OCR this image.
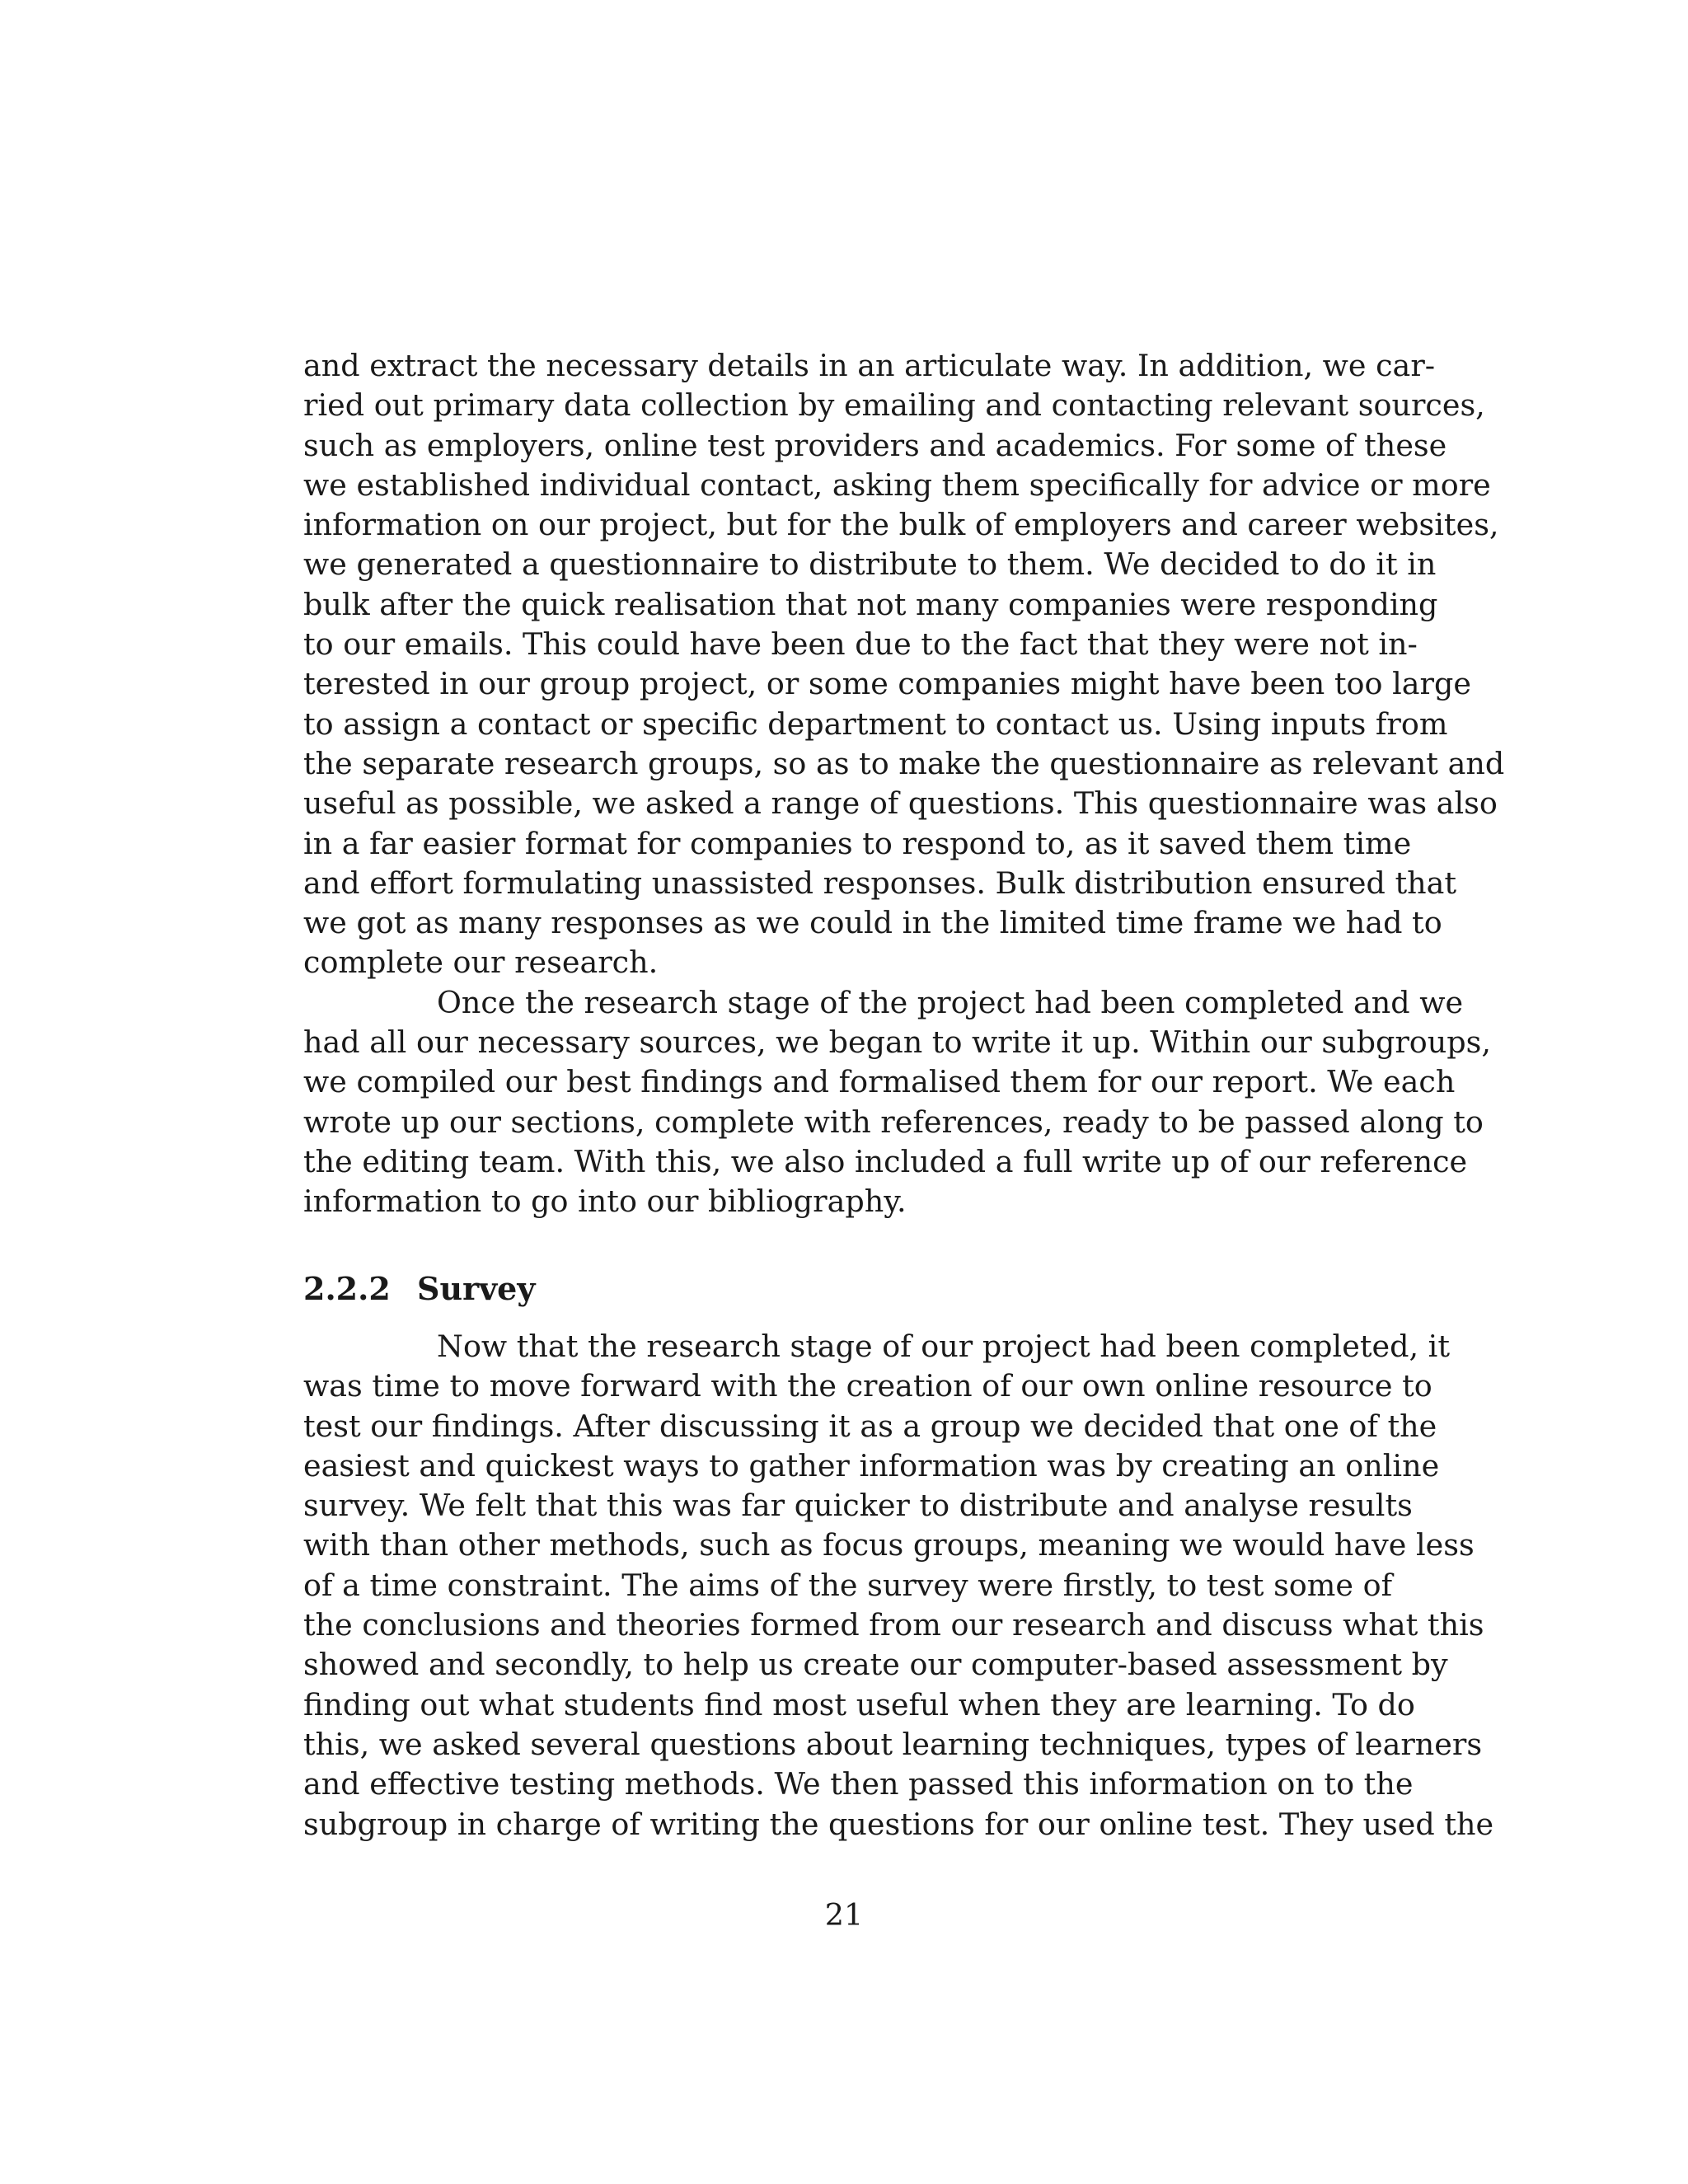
and extract the necessary details in an articulate way. In addition, we car-
ried out primary data collection by emailing and contacting relevant sources,
such as employers, online test providers and academics. For some of these
we established individual contact, asking them specifically for advice or more
information on our project, but for the bulk of employers and career websites,
we generated a questionnaire to distribute to them. We decided to do it in
bulk after the quick realisation that not many companies were responding
to our emails. This could have been due to the fact that they were not in-
terested in our group project, or some companies might have been too large
to assign a contact or specific department to contact us. Using inputs from
the separate research groups, so as to make the questionnaire as relevant and
useful as possible, we asked a range of questions. This questionnaire was also
in a far easier format for companies to respond to, as it saved them time
and effort formulating unassisted responses. Bulk distribution ensured that
we got as many responses as we could in the limited time frame we had to
complete our research.
Once the research stage of the project had been completed and we
had all our necessary sources, we began to write it up. Within our subgroups,
we compiled our best findings and formalised them for our report. We each
wrote up our sections, complete with references, ready to be passed along to
the editing team. With this, we also included a full write up of our reference
information to go into our bibliography.
2.2.2 Survey
Now that the research stage of our project had been completed, it
was time to move forward with the creation of our own online resource to
test our findings. After discussing it as a group we decided that one of the
easiest and quickest ways to gather information was by creating an online
survey. We felt that this was far quicker to distribute and analyse results
with than other methods, such as focus groups, meaning we would have less
of a time constraint. The aims of the survey were firstly, to test some of
the conclusions and theories formed from our research and discuss what this
showed and secondly, to help us create our computer-based assessment by
finding out what students find most useful when they are learning. To do
this, we asked several questions about learning techniques, types of learners
and effective testing methods. We then passed this information on to the
subgroup in charge of writing the questions for our online test. They used the
21
